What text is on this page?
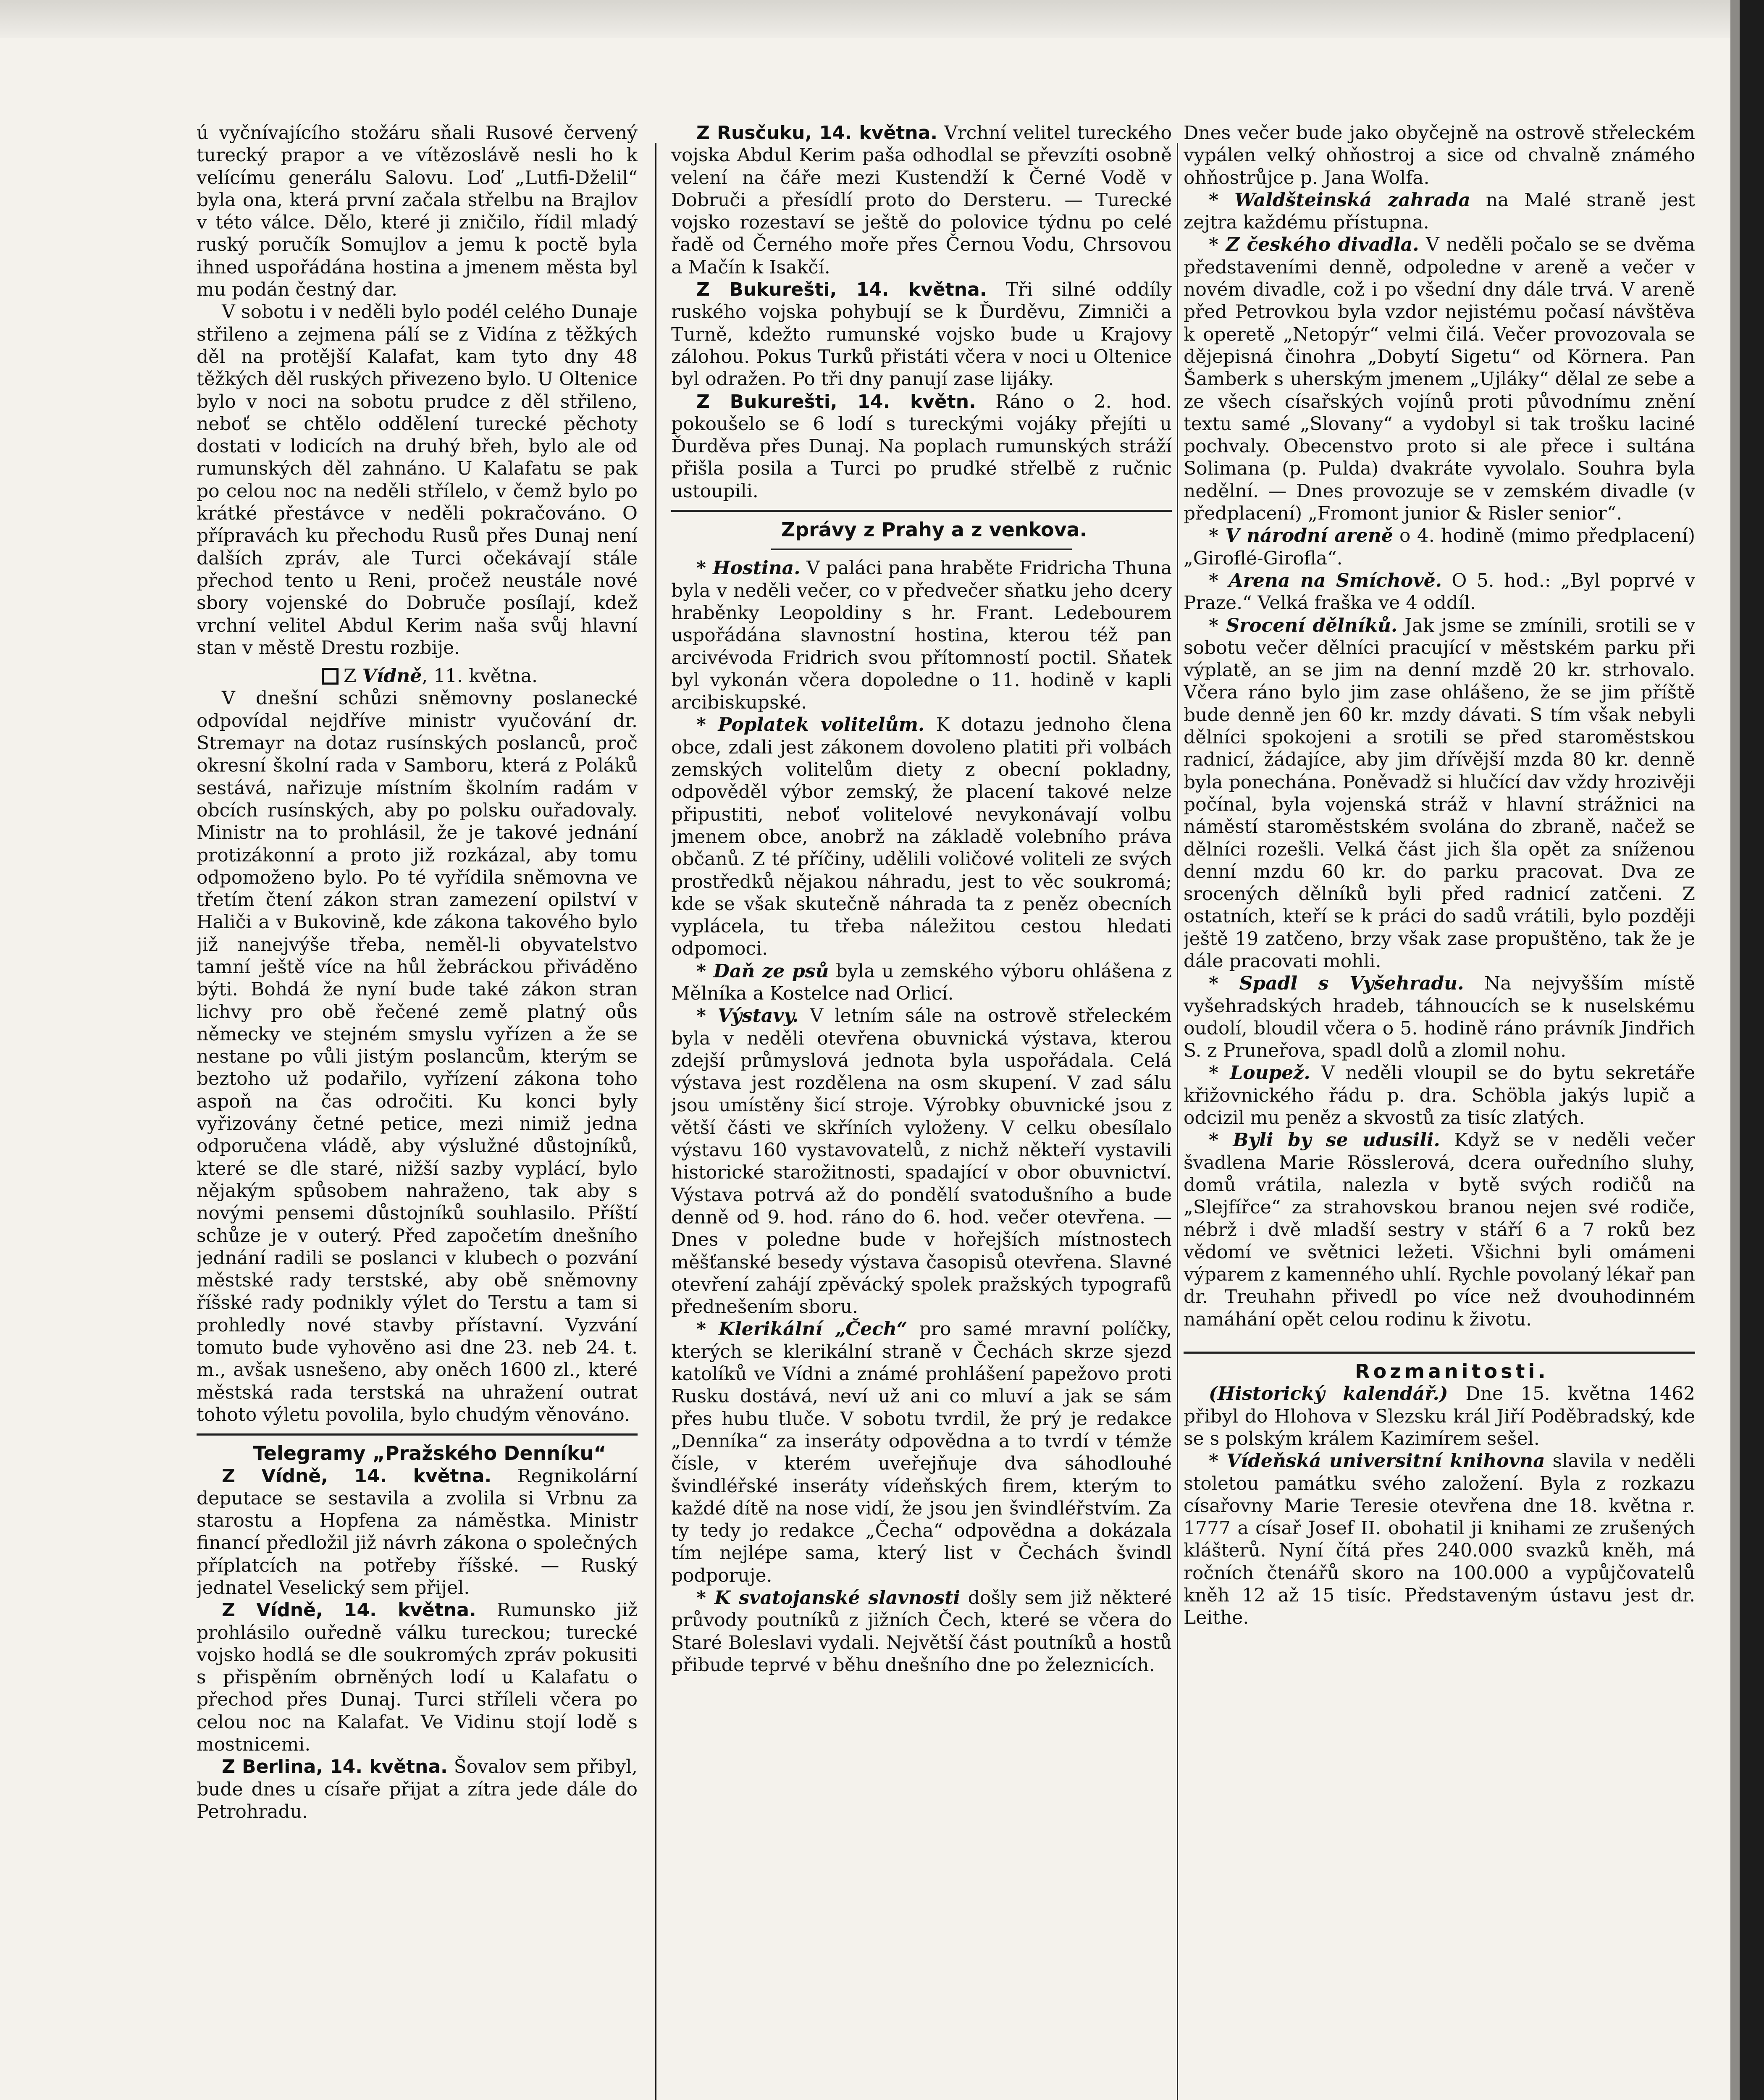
ú vyčnívajícího stožáru sňali Rusové červený turecký prapor a ve vítězoslávě nesli ho k velícímu generálu Salovu. Loď „Lutfi-Dželil“ byla ona, která první začala střelbu na Brajlov v této válce. Dělo, které ji zničilo, řídil mladý ruský poručík Somujlov a jemu k poctě byla ihned uspořádána hostina a jmenem města byl mu podán čestný dar.

V sobotu i v neděli bylo podél celého Dunaje střileno a zejmena pálí se z Vidína z těžkých děl na protější Kalafat, kam tyto dny 48 těžkých děl ruských přivezeno bylo. U Oltenice bylo v noci na sobotu prudce z děl střileno, neboť se chtělo oddělení turecké pěchoty dostati v lodicích na druhý břeh, bylo ale od rumunských děl zahnáno. U Kalafatu se pak po celou noc na neděli střílelo, v čemž bylo po krátké přestávce v neděli pokračováno. O přípravách ku přechodu Rusů přes Dunaj není dalších zpráv, ale Turci očekávají stále přechod tento u Reni, pročež neustále nové sbory vojenské do Dobruče posílají, kdež vrchní velitel Abdul Kerim naša svůj hlavní stan v městě Drestu rozbije.

Z Vídně, 11. května.

V dnešní schůzi sněmovny poslanecké odpovídal nejdříve ministr vyučování dr. Stremayr na dotaz rusínských poslanců, proč okresní školní rada v Samboru, která z Poláků sestává, nařizuje místním školním radám v obcích rusínských, aby po polsku ouřadovaly. Ministr na to prohlásil, že je takové jednání protizákonní a proto již rozkázal, aby tomu odpomoženo bylo. Po té vyřídila sněmovna ve třetím čtení zákon stran zamezení opilství v Haliči a v Bukovině, kde zákona takového bylo již nanejvýše třeba, neměl-li obyvatelstvo tamní ještě více na hůl žebráckou přiváděno býti. Bohdá že nyní bude také zákon stran lichvy pro obě řečené země platný oůs německy ve stejném smyslu vyřízen a že se nestane po vůli jistým poslancům, kterým se beztoho už podařilo, vyřízení zákona toho aspoň na čas odročiti. Ku konci byly vyřizovány četné petice, mezi nimiž jedna odporučena vládě, aby výslužné důstojníků, které se dle staré, nižší sazby vyplácí, bylo nějakým spůsobem nahraženo, tak aby s novými pensemi důstojníků souhlasilo. Příští schůze je v outerý. Před započetím dnešního jednání radili se poslanci v klubech o pozvání městské rady terstské, aby obě sněmovny říšské rady podnikly výlet do Terstu a tam si prohledly nové stavby přístavní. Vyzvání tomuto bude vyhověno asi dne 23. neb 24. t. m., avšak usnešeno, aby oněch 1600 zl., které městská rada terstská na uhražení outrat tohoto výletu povolila, bylo chudým věnováno.

Telegramy „Pražského Denníku“

Z Vídně, 14. května. Regnikolární deputace se sestavila a zvolila si Vrbnu za starostu a Hopfena za náměstka. Ministr financí předložil již návrh zákona o společných příplatcích na potřeby říšské. — Ruský jednatel Veselický sem přijel.

Z Vídně, 14. května. Rumunsko již prohlásilo ouředně válku tureckou; turecké vojsko hodlá se dle soukromých zpráv pokusiti s přispěním obrněných lodí u Kalafatu o přechod přes Dunaj. Turci stříleli včera po celou noc na Kalafat. Ve Vidinu stojí lodě s mostnicemi.

Z Berlina, 14. května. Šovalov sem přibyl, bude dnes u císaře přijat a zítra jede dále do Petrohradu.

Z Rusčuku, 14. května. Vrchní velitel tureckého vojska Abdul Kerim paša odhodlal se převzíti osobně velení na čáře mezi Kustendží k Černé Vodě v Dobruči a přesídlí proto do Dersteru. — Turecké vojsko rozestaví se ještě do polovice týdnu po celé řadě od Černého moře přes Černou Vodu, Chrsovou a Mačín k Isakčí.

Z Bukurešti, 14. května. Tři silné oddíly ruského vojska pohybují se k Ďurděvu, Zimniči a Turně, kdežto rumunské vojsko bude u Krajovy zálohou. Pokus Turků přistáti včera v noci u Oltenice byl odražen. Po tři dny panují zase lijáky.

Z Bukurešti, 14. květn. Ráno o 2. hod. pokoušelo se 6 lodí s tureckými vojáky přejíti u Ďurděva přes Dunaj. Na poplach rumunských stráží přišla posila a Turci po prudké střelbě z ručnic ustoupili.

Zprávy z Prahy a z venkova.

* Hostina. V paláci pana hraběte Fridricha Thuna byla v neděli večer, co v předvečer sňatku jeho dcery hraběnky Leopoldiny s hr. Frant. Ledebourem uspořádána slavnostní hostina, kterou též pan arcivévoda Fridrich svou přítomností poctil. Sňatek byl vykonán včera dopoledne o 11. hodině v kapli arcibiskupské.

* Poplatek volitelům. K dotazu jednoho člena obce, zdali jest zákonem dovoleno platiti při volbách zemských volitelům diety z obecní pokladny, odpověděl výbor zemský, že placení takové nelze připustiti, neboť volitelové nevykonávají volbu jmenem obce, anobrž na základě volebního práva občanů. Z té příčiny, udělili voličové voliteli ze svých prostředků nějakou náhradu, jest to věc soukromá; kde se však skutečně náhrada ta z peněz obecních vyplácela, tu třeba náležitou cestou hledati odpomoci.

* Daň ze psů byla u zemského výboru ohlášena z Mělníka a Kostelce nad Orlicí.

* Výstavy. V letním sále na ostrově střeleckém byla v neděli otevřena obuvnická výstava, kterou zdejší průmyslová jednota byla uspořádala. Celá výstava jest rozdělena na osm skupení. V zad sálu jsou umístěny šicí stroje. Výrobky obuvnické jsou z větší části ve skříních vyloženy. V celku obesílalo výstavu 160 vystavovatelů, z nichž někteří vystavili historické starožitnosti, spadající v obor obuvnictví. Výstava potrvá až do pondělí svatodušního a bude denně od 9. hod. ráno do 6. hod. večer otevřena. — Dnes v poledne bude v hořejších místnostech měšťanské besedy výstava časopisů otevřena. Slavné otevření zahájí zpěvácký spolek pražských typografů přednešením sboru.

* Klerikální „Čech“ pro samé mravní políčky, kterých se klerikální straně v Čechách skrze sjezd katolíků ve Vídni a známé prohlášení papežovo proti Rusku dostává, neví už ani co mluví a jak se sám přes hubu tluče. V sobotu tvrdil, že prý je redakce „Denníka“ za inseráty odpovědna a to tvrdí v témže čísle, v kterém uveřejňuje dva sáhodlouhé švindléřské inseráty vídeňských firem, kterým to každé dítě na nose vidí, že jsou jen švindléřstvím. Za ty tedy jo redakce „Čecha“ odpovědna a dokázala tím nejlépe sama, který list v Čechách švindl podporuje.

* K svatojanské slavnosti došly sem již některé průvody poutníků z jižních Čech, které se včera do Staré Boleslavi vydali. Největší část poutníků a hostů přibude teprvé v běhu dnešního dne po železnicích.

Dnes večer bude jako obyčejně na ostrově střeleckém vypálen velký ohňostroj a sice od chvalně známého ohňostrůjce p. Jana Wolfa.

* Waldšteinská zahrada na Malé straně jest zejtra každému přístupna.

* Z českého divadla. V neděli počalo se se dvěma představeními denně, odpoledne v areně a večer v novém divadle, což i po všední dny dále trvá. V areně před Petrovkou byla vzdor nejistému počasí návštěva k operetě „Netopýr“ velmi čilá. Večer provozovala se dějepisná činohra „Dobytí Sigetu“ od Körnera. Pan Šamberk s uherským jmenem „Ujláky“ dělal ze sebe a ze všech císařských vojínů proti původnímu znění textu samé „Slovany“ a vydobyl si tak trošku laciné pochvaly. Obecenstvo proto si ale přece i sultána Solimana (p. Pulda) dvakráte vyvolalo. Souhra byla nedělní. — Dnes provozuje se v zemském divadle (v předplacení) „Fromont junior & Risler senior“.

* V národní areně o 4. hodině (mimo předplacení) „Giroflé-Girofla“.

* Arena na Smíchově. O 5. hod.: „Byl poprvé v Praze.“ Velká fraška ve 4 oddíl.

* Srocení dělníků. Jak jsme se zmínili, srotili se v sobotu večer dělníci pracující v městském parku při výplatě, an se jim na denní mzdě 20 kr. strhovalo. Včera ráno bylo jim zase ohlášeno, že se jim příště bude denně jen 60 kr. mzdy dávati. S tím však nebyli dělníci spokojeni a srotili se před staroměstskou radnicí, žádajíce, aby jim dřívější mzda 80 kr. denně byla ponechána. Poněvadž si hlučící dav vždy hrozivěji počínal, byla vojenská stráž v hlavní strážnici na náměstí staroměstském svolána do zbraně, načež se dělníci rozešli. Velká část jich šla opět za sníženou denní mzdu 60 kr. do parku pracovat. Dva ze srocených dělníků byli před radnicí zatčeni. Z ostatních, kteří se k práci do sadů vrátili, bylo později ještě 19 zatčeno, brzy však zase propuštěno, tak že je dále pracovati mohli.

* Spadl s Vyšehradu. Na nejvyšším místě vyšehradských hradeb, táhnoucích se k nuselskému oudolí, bloudil včera o 5. hodině ráno právník Jindřich S. z Pruneřova, spadl dolů a zlomil nohu.

* Loupež. V neděli vloupil se do bytu sekretáře křižovnického řádu p. dra. Schöbla jakýs lupič a odcizil mu peněz a skvostů za tisíc zlatých.

* Byli by se udusili. Když se v neděli večer švadlena Marie Rösslerová, dcera ouředního sluhy, domů vrátila, nalezla v bytě svých rodičů na „Slejfířce“ za strahovskou branou nejen své rodiče, nébrž i dvě mladší sestry v stáří 6 a 7 roků bez vědomí ve světnici ležeti. Všichni byli omámeni výparem z kamenného uhlí. Rychle povolaný lékař pan dr. Treuhahn přivedl po více než dvouhodinném namáhání opět celou rodinu k životu.

Rozmanitosti.

(Historický kalendář.) Dne 15. května 1462 přibyl do Hlohova v Slezsku král Jiří Poděbradský, kde se s polským králem Kazimírem sešel.

* Vídeňská universitní knihovna slavila v neděli stoletou památku svého založení. Byla z rozkazu císařovny Marie Teresie otevřena dne 18. května r. 1777 a císař Josef II. obohatil ji knihami ze zrušených klášterů. Nyní čítá přes 240.000 svazků kněh, má ročních čtenářů skoro na 100.000 a vypůjčovatelů kněh 12 až 15 tisíc. Představeným ústavu jest dr. Leithe.
